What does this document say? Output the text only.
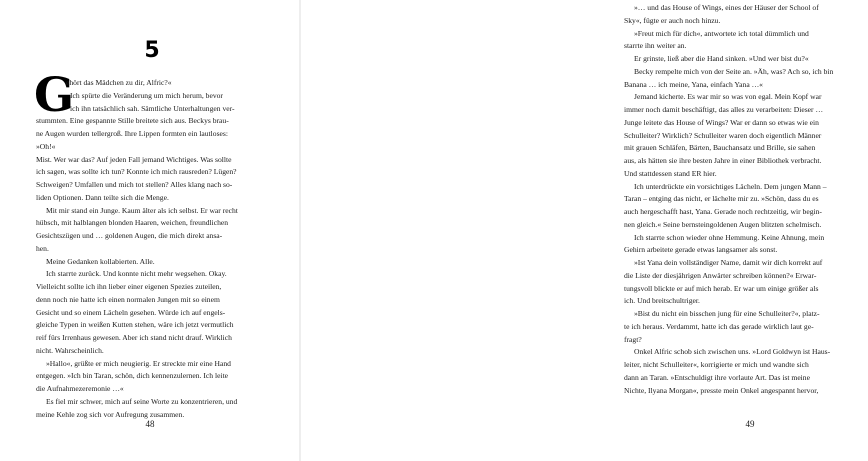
5
G
ehört das Mädchen zu dir, Alfric?«
Ich spürte die Veränderung um mich herum, bevor
ich ihn tatsächlich sah. Sämtliche Unterhaltungen ver-
stummten. Eine gespannte Stille breitete sich aus. Beckys brau-
ne Augen wurden tellergroß. Ihre Lippen formten ein lautloses:
»Oh!«
Mist. Wer war das? Auf jeden Fall jemand Wichtiges. Was sollte
ich sagen, was sollte ich tun? Konnte ich mich rausreden? Lügen?
Schweigen? Umfallen und mich tot stellen? Alles klang nach so-
liden Optionen. Dann teilte sich die Menge.
Mit mir stand ein Junge. Kaum älter als ich selbst. Er war recht
hübsch, mit halblangen blonden Haaren, weichen, freundlichen
Gesichtszügen und … goldenen Augen, die mich direkt ansa-
hen.
Meine Gedanken kollabierten. Alle.
Ich starrte zurück. Und konnte nicht mehr wegsehen. Okay.
Vielleicht sollte ich ihn lieber einer eigenen Spezies zuteilen,
denn noch nie hatte ich einen normalen Jungen mit so einem
Gesicht und so einem Lächeln gesehen. Würde ich auf engels-
gleiche Typen in weißen Kutten stehen, wäre ich jetzt vermutlich
reif fürs Irrenhaus gewesen. Aber ich stand nicht drauf. Wirklich
nicht. Wahrscheinlich.
»Hallo«, grüßte er mich neugierig. Er streckte mir eine Hand
entgegen. »Ich bin Taran, schön, dich kennenzulernen. Ich leite
die Aufnahmezeremonie …«
Es fiel mir schwer, mich auf seine Worte zu konzentrieren, und
meine Kehle zog sich vor Aufregung zusammen.
48
»… und das House of Wings, eines der Häuser der School of
Sky«, fügte er auch noch hinzu.
»Freut mich für dich«, antwortete ich total dümmlich und
starrte ihn weiter an.
Er grinste, ließ aber die Hand sinken. »Und wer bist du?«
Becky rempelte mich von der Seite an. »Äh, was? Ach so, ich bin
Banana … ich meine, Yana, einfach Yana …«
Jemand kicherte. Es war mir so was von egal. Mein Kopf war
immer noch damit beschäftigt, das alles zu verarbeiten: Dieser …
Junge leitete das House of Wings? War er dann so etwas wie ein
Schulleiter? Wirklich? Schulleiter waren doch eigentlich Männer
mit grauen Schläfen, Bärten, Bauchansatz und Brille, sie sahen
aus, als hätten sie ihre besten Jahre in einer Bibliothek verbracht.
Und stattdessen stand ER hier.
Ich unterdrückte ein vorsichtiges Lächeln. Dem jungen Mann –
Taran – entging das nicht, er lächelte mir zu. »Schön, dass du es
auch hergeschafft hast, Yana. Gerade noch rechtzeitig, wir begin-
nen gleich.« Seine bernsteingoldenen Augen blitzten schelmisch.
Ich starrte schon wieder ohne Hemmung. Keine Ahnung, mein
Gehirn arbeitete gerade etwas langsamer als sonst.
»Ist Yana dein vollständiger Name, damit wir dich korrekt auf
die Liste der diesjährigen Anwärter schreiben können?« Erwar-
tungsvoll blickte er auf mich herab. Er war um einige größer als
ich. Und breitschultriger.
»Bist du nicht ein bisschen jung für eine Schulleiter?«, platz-
te ich heraus. Verdammt, hatte ich das gerade wirklich laut ge-
fragt?
Onkel Alfric schob sich zwischen uns. »Lord Goldwyn ist Haus-
leiter, nicht Schulleiter«, korrigierte er mich und wandte sich
dann an Taran. »Entschuldigt ihre vorlaute Art. Das ist meine
Nichte, Ilyana Morgan«, presste mein Onkel angespannt hervor,
49
